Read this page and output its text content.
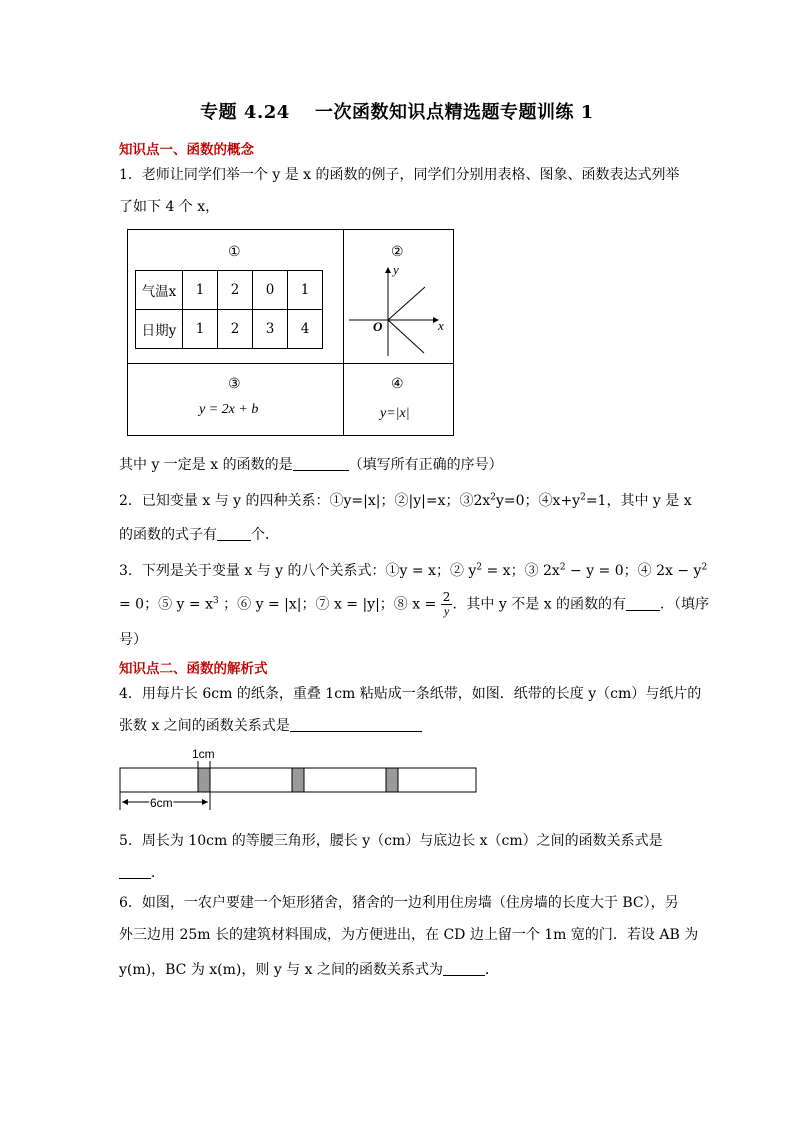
专题 4.24　 一次函数知识点精选题专题训练 1
知识点一、函数的概念
1．老师让同学们举一个 y 是 x 的函数的例子，同学们分别用表格、图象、函数表达式列举
了如下 4 个 x，
①
气温x	1	2	0	1
日期y	1	2	3	4
②
y
x
O
③
y = 2x + b
④
y=|x|
其中 y 一定是 x 的函数的是	（填写所有正确的序号）
2．已知变量 x 与 y 的四种关系：①y=|x|；②|y|=x；$③2x^2y=0$；$④x+y^2=1$，其中 y 是 x
的函数的式子有 个．
3．下列是关于变量 x 与 y 的八个关系式：①y = x；② $y^2 = x$；③ $2x^2 - y = 0$；④ $2x - y^2$
= 0；⑤ $y = x^3$ ；⑥ y = |x|；⑦ x = |y|；⑧ $x = \frac{2}{y}$ ．其中 y 不是 x 的函数的有 ．（填序
号）
知识点二、函数的解析式
4．用每片长 6cm 的纸条，重叠 1cm 粘贴成一条纸带，如图．纸带的长度 y（cm）与纸片的
张数 x 之间的函数关系式是
1cm
6cm
5．周长为 10cm 的等腰三角形，腰长 y（cm）与底边长 x（cm）之间的函数关系式是
．
6．如图，一农户要建一个矩形猪舍，猪舍的一边利用住房墙（住房墙的长度大于 BC），另
外三边用 25m 长的建筑材料围成，为方便进出，在 CD 边上留一个 1m 宽的门．若设 AB 为
y(m)，BC 为 x(m)，则 y 与 x 之间的函数关系式为	．
